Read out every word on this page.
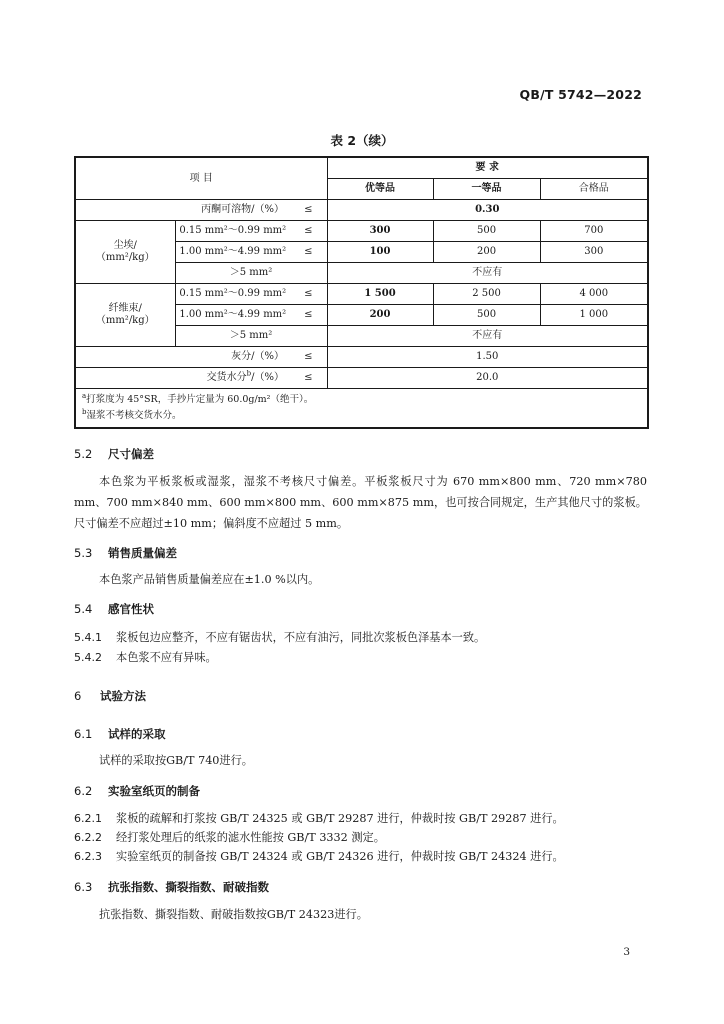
QB/T 5742—2022
表 2（续）
项 目			要 求		
			优等品	一等品	合格品
丙酮可溶物/（%）		≤	0.30		
尘埃/
（mm²/kg）	0.15 mm²～0.99 mm²	≤	300	500	700
	1.00 mm²～4.99 mm²	≤	100	200	300
	＞5 mm²		不应有		
纤维束/
（mm²/kg）	0.15 mm²～0.99 mm²	≤	1 500	2 500	4 000
	1.00 mm²～4.99 mm²	≤	200	500	1 000
	＞5 mm²		不应有		
灰分/（%）		≤	1.50		
交货水分$^b$/（%）		≤	20.0		

$^a$打浆度为 45°SR，手抄片定量为 60.0g/m²（绝干）。
$^b$湿浆不考核交货水分。					
5.2 尺寸偏差
本色浆为平板浆板或湿浆，湿浆不考核尺寸偏差。平板浆板尺寸为 670 mm×800 mm、720 mm×780 mm、700 mm×840 mm、600 mm×800 mm、600 mm×875 mm，也可按合同规定，生产其他尺寸的浆板。尺寸偏差不应超过±10 mm；偏斜度不应超过 5 mm。
5.3 销售质量偏差
本色浆产品销售质量偏差应在±1.0 %以内。
5.4 感官性状
5.4.1 浆板包边应整齐，不应有锯齿状，不应有油污，同批次浆板色泽基本一致。
5.4.2 本色浆不应有异味。
6 试验方法
6.1 试样的采取
试样的采取按GB/T 740进行。
6.2 实验室纸页的制备
6.2.1 浆板的疏解和打浆按 GB/T 24325 或 GB/T 29287 进行，仲裁时按 GB/T 29287 进行。
6.2.2 经打浆处理后的纸浆的滤水性能按 GB/T 3332 测定。
6.2.3 实验室纸页的制备按 GB/T 24324 或 GB/T 24326 进行，仲裁时按 GB/T 24324 进行。
6.3 抗张指数、撕裂指数、耐破指数
抗张指数、撕裂指数、耐破指数按GB/T 24323进行。
3
